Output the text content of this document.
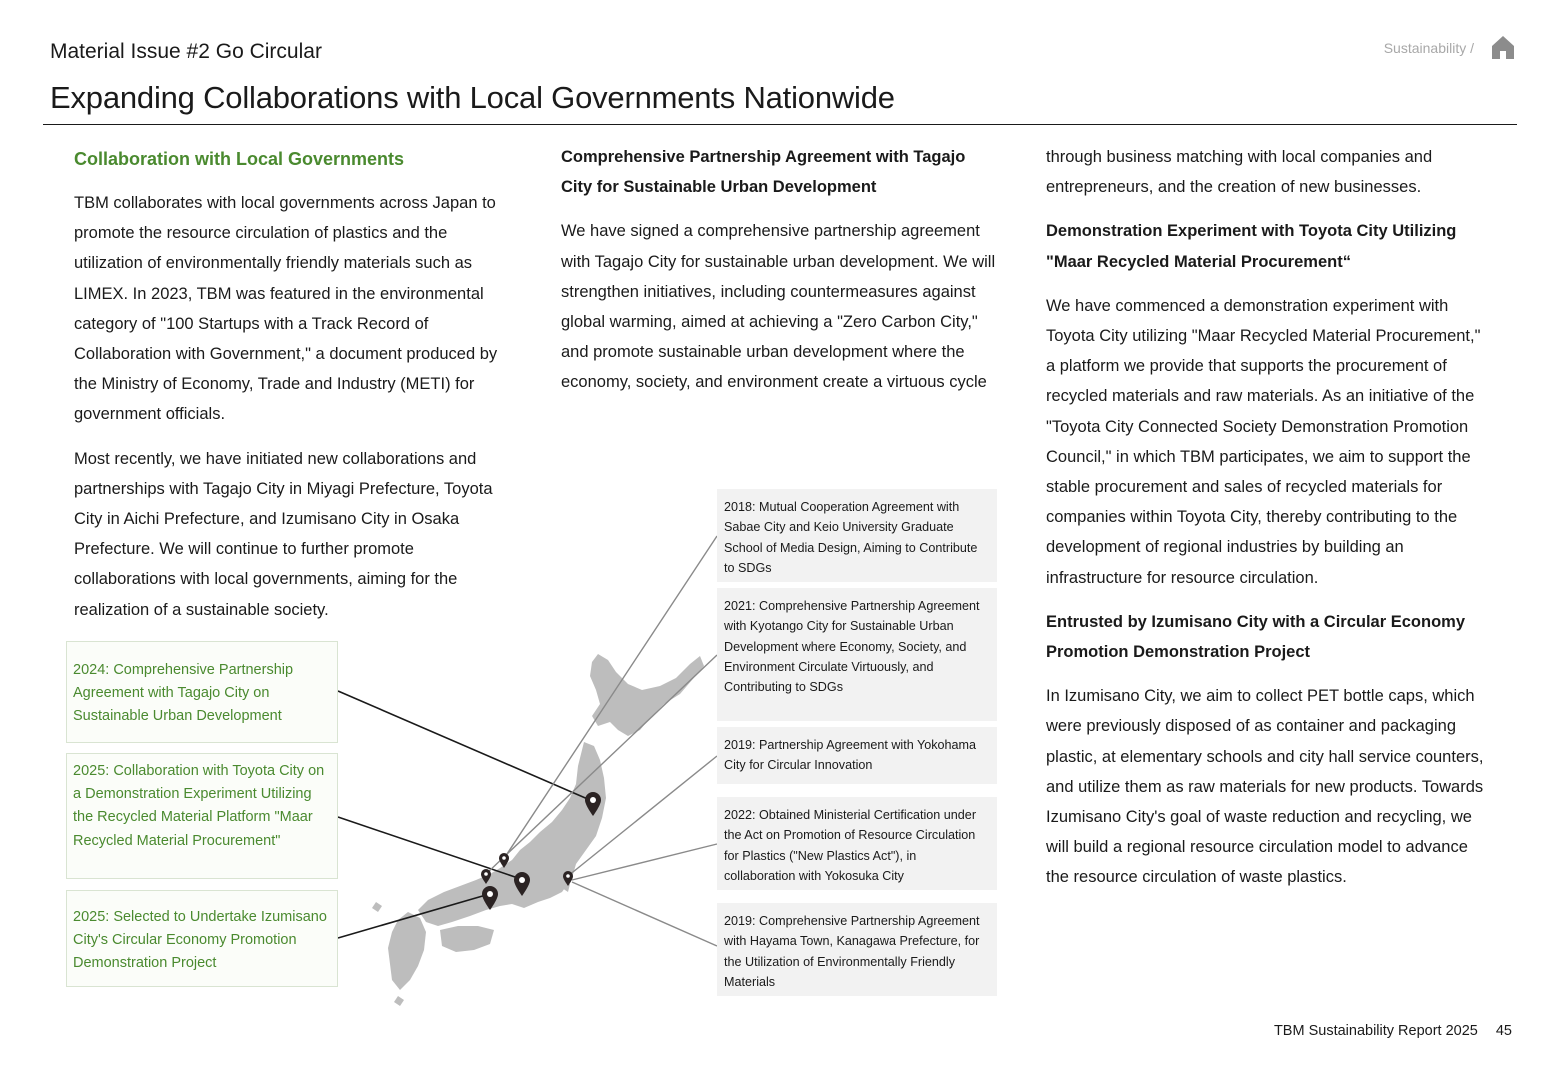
Material Issue #2 Go Circular
Expanding Collaborations with Local Governments Nationwide
Sustainability /
Collaboration with Local Governments

TBM collaborates with local governments across Japan to promote the resource circulation of plastics and the utilization of environmentally friendly materials such as LIMEX. In 2023, TBM was featured in the environmental category of "100 Startups with a Track Record of Collaboration with Government," a document produced by the Ministry of Economy, Trade and Industry (METI) for government officials.

Most recently, we have initiated new collaborations and partnerships with Tagajo City in Miyagi Prefecture, Toyota City in Aichi Prefecture, and Izumisano City in Osaka Prefecture. We will continue to further promote collaborations with local governments, aiming for the realization of a sustainable society.

Comprehensive Partnership Agreement with Tagajo City for Sustainable Urban Development

We have signed a comprehensive partnership agreement with Tagajo City for sustainable urban development. We will strengthen initiatives, including countermeasures against global warming, aimed at achieving a "Zero Carbon City," and promote sustainable urban development where the economy, society, and environment create a virtuous cycle

through business matching with local companies and entrepreneurs, and the creation of new businesses.

Demonstration Experiment with Toyota City Utilizing "Maar Recycled Material Procurement“

We have commenced a demonstration experiment with Toyota City utilizing "Maar Recycled Material Procurement," a platform we provide that supports the procurement of recycled materials and raw materials. As an initiative of the "Toyota City Connected Society Demonstration Promotion Council," in which TBM participates, we aim to support the stable procurement and sales of recycled materials for companies within Toyota City, thereby contributing to the development of regional industries by building an infrastructure for resource circulation.

Entrusted by Izumisano City with a Circular Economy Promotion Demonstration Project

In Izumisano City, we aim to collect PET bottle caps, which were previously disposed of as container and packaging plastic, at elementary schools and city hall service counters, and utilize them as raw materials for new products. Towards Izumisano City's goal of waste reduction and recycling, we will build a regional resource circulation model to advance the resource circulation of waste plastics.

2024: Comprehensive Partnership Agreement with Tagajo City on Sustainable Urban Development
2025: Collaboration with Toyota City on a Demonstration Experiment Utilizing the Recycled Material Platform "Maar Recycled Material Procurement"
2025: Selected to Undertake Izumisano City's Circular Economy Promotion Demonstration Project
2018: Mutual Cooperation Agreement with Sabae City and Keio University Graduate School of Media Design, Aiming to Contribute to SDGs
2021: Comprehensive Partnership Agreement with Kyotango City for Sustainable Urban Development where Economy, Society, and Environment Circulate Virtuously, and Contributing to SDGs
2019: Partnership Agreement with Yokohama City for Circular Innovation
2022: Obtained Ministerial Certification under the Act on Promotion of Resource Circulation for Plastics ("New Plastics Act"), in collaboration with Yokosuka City
2019: Comprehensive Partnership Agreement with Hayama Town, Kanagawa Prefecture, for the Utilization of Environmentally Friendly Materials
TBM Sustainability Report 2025 45
